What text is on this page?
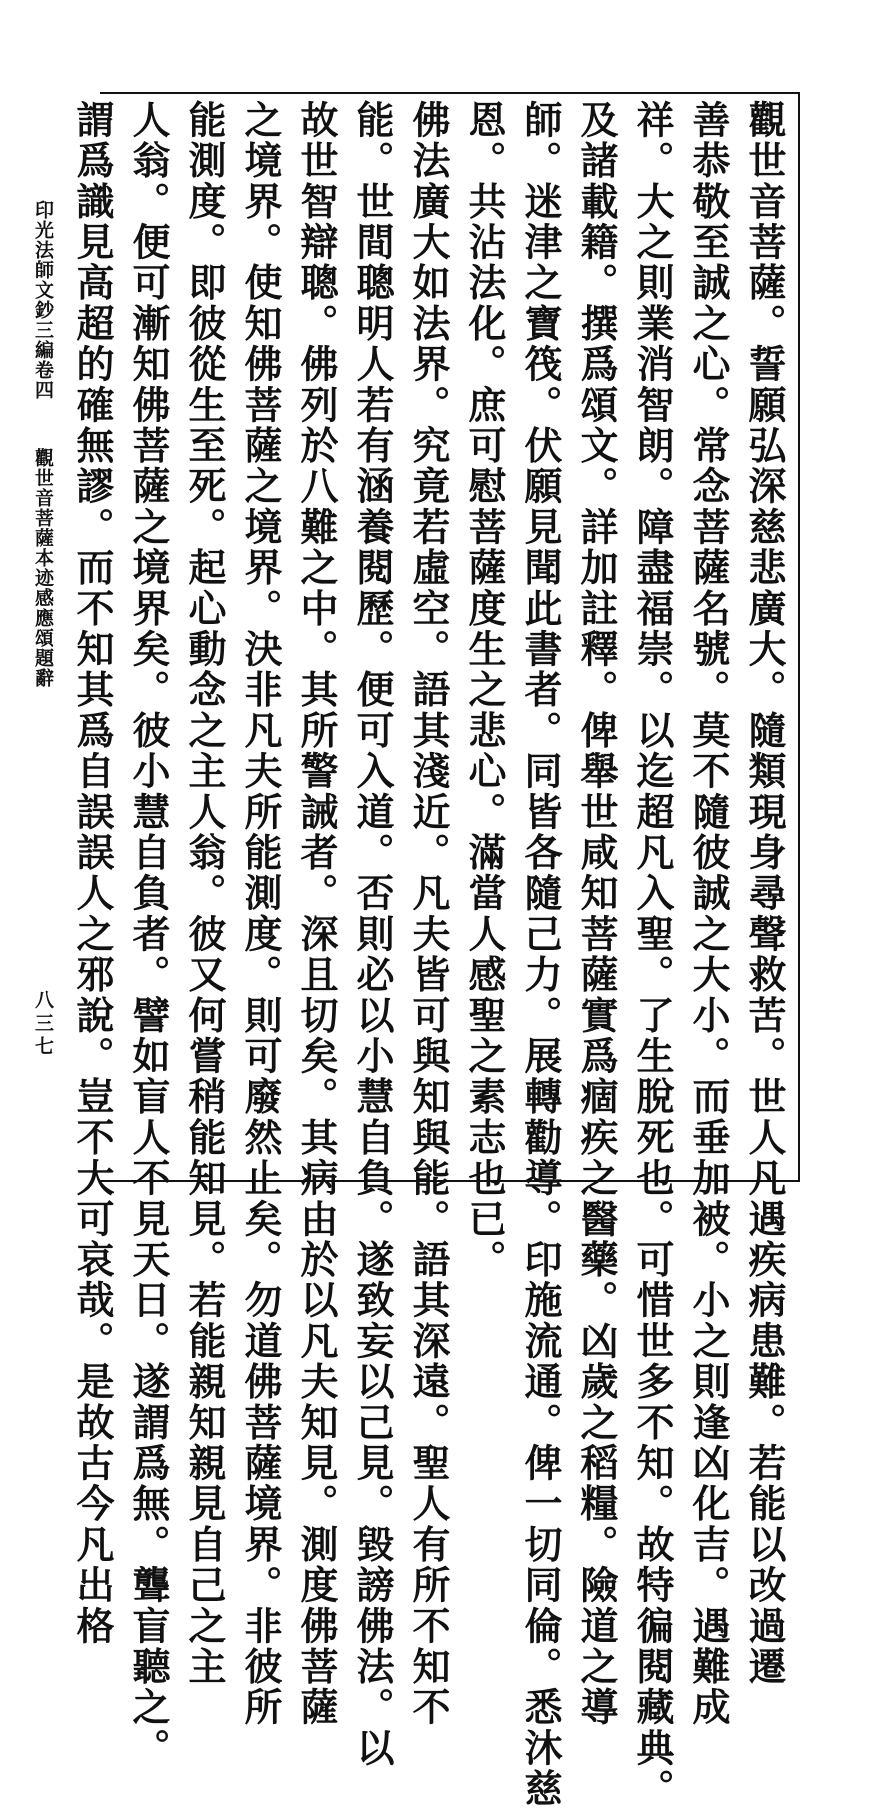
印光法師文鈔三編卷四
觀世音菩薩本迹感應頌題辭
八三七	觀世音菩薩。誓願弘深慈悲廣大。隨類現身尋聲救苦。世人凡遇疾病患難。若能以改過遷
善恭敬至誠之心。常念菩薩名號。莫不隨彼誠之大小。而垂加被。小之則逢凶化吉。遇難成
祥。大之則業消智朗。障盡福崇。以迄超凡入聖。了生脫死也。可惜世多不知。故特徧閱藏典。
及諸載籍。撰爲頌文。詳加註釋。俾舉世咸知菩薩實爲痼疾之醫藥。凶歲之稻糧。險道之導
師。迷津之寶筏。伏願見聞此書者。同皆各隨己力。展轉勸導。印施流通。俾一切同倫。悉沐慈
恩。共沾法化。庶可慰菩薩度生之悲心。滿當人感聖之素志也已。
佛法廣大如法界。究竟若虛空。語其淺近。凡夫皆可與知與能。語其深遠。聖人有所不知不
能。世間聰明人若有涵養閱歷。便可入道。否則必以小慧自負。遂致妄以己見。毀謗佛法。以
故世智辯聰。佛列於八難之中。其所警誡者。深且切矣。其病由於以凡夫知見。測度佛菩薩
之境界。使知佛菩薩之境界。決非凡夫所能測度。則可廢然止矣。勿道佛菩薩境界。非彼所
能測度。即彼從生至死。起心動念之主人翁。彼又何嘗稍能知見。若能親知親見自己之主
人翁。便可漸知佛菩薩之境界矣。彼小慧自負者。譬如盲人不見天日。遂謂爲無。聾盲聽之。
謂爲識見高超的確無謬。而不知其爲自誤誤人之邪說。豈不大可哀哉。是故古今凡出格
